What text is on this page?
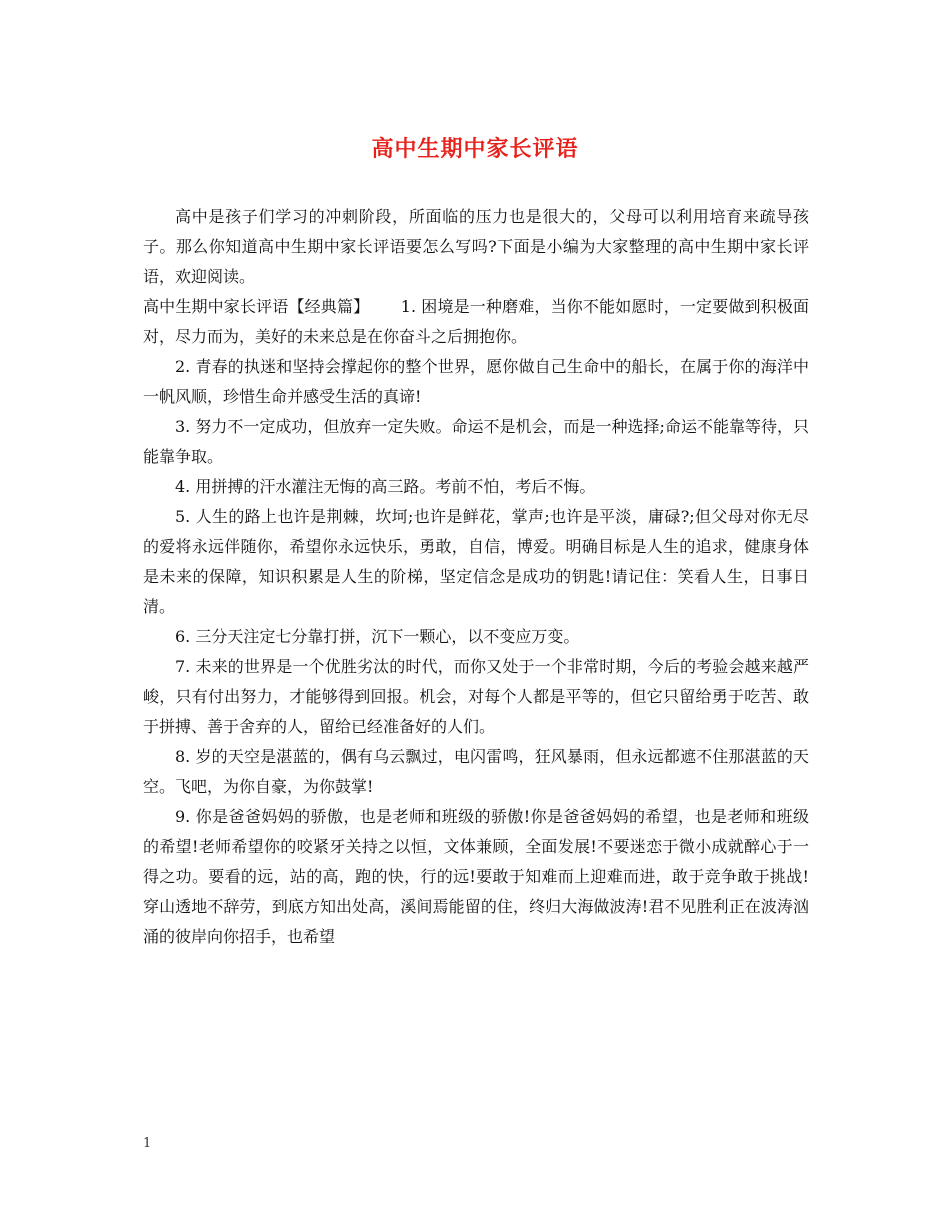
高中生期中家长评语

高中是孩子们学习的冲刺阶段，所面临的压力也是很大的，父母可以利用培育来疏导孩子。那么你知道高中生期中家长评语要怎么写吗?下面是小编为大家整理的高中生期中家长评语，欢迎阅读。

高中生期中家长评语【经典篇】 1. 困境是一种磨难，当你不能如愿时，一定要做到积极面对，尽力而为，美好的未来总是在你奋斗之后拥抱你。

2. 青春的执迷和坚持会撑起你的整个世界，愿你做自己生命中的船长，在属于你的海洋中一帆风顺，珍惜生命并感受生活的真谛!

3. 努力不一定成功，但放弃一定失败。命运不是机会，而是一种选择;命运不能靠等待，只能靠争取。

4. 用拼搏的汗水灌注无悔的高三路。考前不怕，考后不悔。

5. 人生的路上也许是荆棘，坎坷;也许是鲜花，掌声;也许是平淡，庸碌?;但父母对你无尽的爱将永远伴随你，希望你永远快乐，勇敢，自信，博爱。明确目标是人生的追求，健康身体是未来的保障，知识积累是人生的阶梯，坚定信念是成功的钥匙!请记住：笑看人生，日事日清。

6. 三分天注定七分靠打拼，沉下一颗心，以不变应万变。

7. 未来的世界是一个优胜劣汰的时代，而你又处于一个非常时期，今后的考验会越来越严峻，只有付出努力，才能够得到回报。机会，对每个人都是平等的，但它只留给勇于吃苦、敢于拼搏、善于舍弃的人，留给已经准备好的人们。

8. 岁的天空是湛蓝的，偶有乌云飘过，电闪雷鸣，狂风暴雨，但永远都遮不住那湛蓝的天空。飞吧，为你自豪，为你鼓掌!

9. 你是爸爸妈妈的骄傲，也是老师和班级的骄傲!你是爸爸妈妈的希望，也是老师和班级的希望!老师希望你的咬紧牙关持之以恒，文体兼顾，全面发展!不要迷恋于微小成就醉心于一得之功。要看的远，站的高，跑的快，行的远!要敢于知难而上迎难而进，敢于竞争敢于挑战!穿山透地不辞劳，到底方知出处高，溪间焉能留的住，终归大海做波涛!君不见胜利正在波涛汹涌的彼岸向你招手，也希望

1
